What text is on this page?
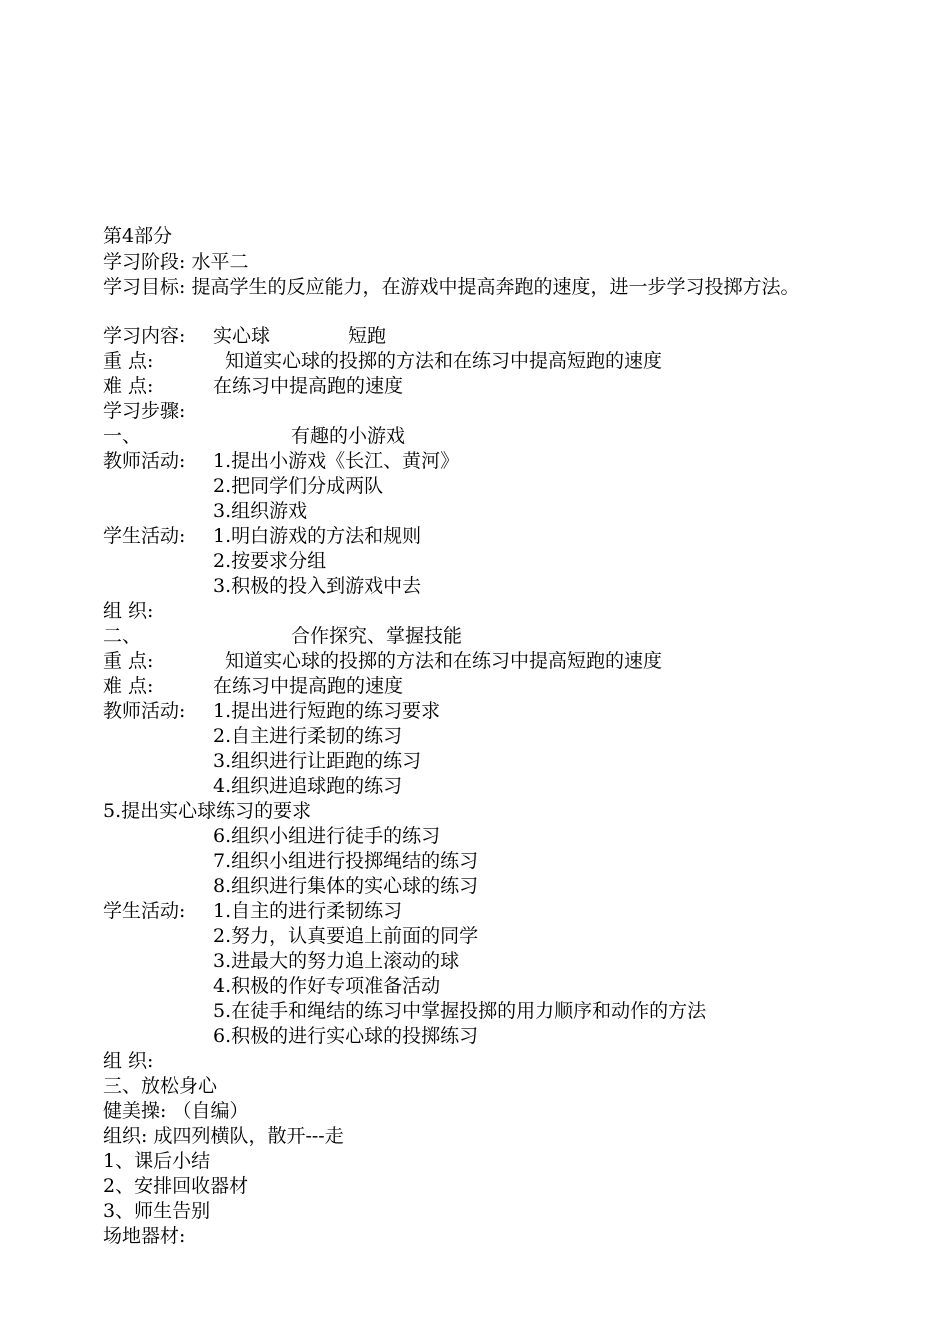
第4部分
学习阶段: 水平二
学习目标: 提高学生的反应能力，在游戏中提高奔跑的速度，进一步学习投掷方法。
学习内容: 实心球	短跑
重 点:	知道实心球的投掷的方法和在练习中提高短跑的速度
难 点:	在练习中提高跑的速度
学习步骤:
一、	有趣的小游戏
教师活动: 1.提出小游戏《长江、黄河》
2.把同学们分成两队
3.组织游戏
学生活动: 1.明白游戏的方法和规则
2.按要求分组
3.积极的投入到游戏中去
组 织:
二、	合作探究、掌握技能
重 点:	知道实心球的投掷的方法和在练习中提高短跑的速度
难 点:	在练习中提高跑的速度
教师活动: 1.提出进行短跑的练习要求
2.自主进行柔韧的练习
3.组织进行让距跑的练习
4.组织进追球跑的练习
5.提出实心球练习的要求
6.组织小组进行徒手的练习
7.组织小组进行投掷绳结的练习
8.组织进行集体的实心球的练习
学生活动: 1.自主的进行柔韧练习
2.努力，认真要追上前面的同学
3.进最大的努力追上滚动的球
4.积极的作好专项准备活动
5.在徒手和绳结的练习中掌握投掷的用力顺序和动作的方法
6.积极的进行实心球的投掷练习
组 织:
三、放松身心
健美操: （自编）
组织: 成四列横队，散开---走
1、课后小结
2、安排回收器材
3、师生告别
场地器材:
